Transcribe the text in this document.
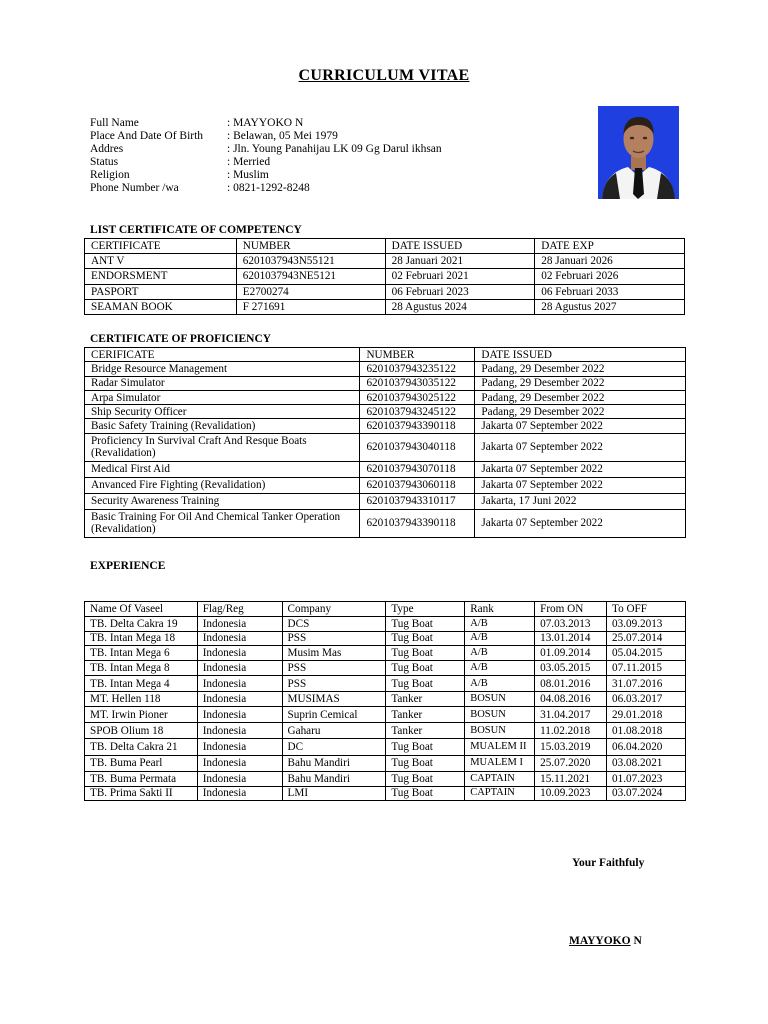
CURRICULUM VITAE
Full Name	: MAYYOKO N
Place And Date Of Birth	: Belawan, 05 Mei 1979
Addres	: Jln. Young Panahijau LK 09 Gg Darul ikhsan
Status	: Merried
Religion	: Muslim
Phone Number /wa	: 0821-1292-8248
LIST CERTIFICATE OF COMPETENCY
CERTIFICATE	NUMBER	DATE ISSUED	DATE EXP
ANT V	6201037943N55121	28 Januari 2021	28 Januari 2026
ENDORSMENT	6201037943NE5121	02 Februari 2021	02 Februari 2026
PASPORT	E2700274	06 Februari 2023	06 Februari 2033
SEAMAN BOOK	F 271691	28 Agustus 2024	28 Agustus 2027
CERTIFICATE OF PROFICIENCY
CERIFICATE	NUMBER	DATE ISSUED
Bridge Resource Management	6201037943235122	Padang, 29 Desember 2022
Radar Simulator	6201037943035122	Padang, 29 Desember 2022
Arpa Simulator	6201037943025122	Padang, 29 Desember 2022
Ship Security Officer	6201037943245122	Padang, 29 Desember 2022
Basic Safety Training (Revalidation)	6201037943390118	Jakarta 07 September 2022
Proficiency In Survival Craft And Resque Boats (Revalidation)	6201037943040118	Jakarta 07 September 2022
Medical First Aid	6201037943070118	Jakarta 07 September 2022
Anvanced Fire Fighting (Revalidation)	6201037943060118	Jakarta 07 September 2022
Security Awareness Training	6201037943310117	Jakarta, 17 Juni 2022
Basic Training For Oil And Chemical Tanker Operation (Revalidation)	6201037943390118	Jakarta 07 September 2022
EXPERIENCE
Name Of Vaseel	Flag/Reg	Company	Type	Rank	From ON	To OFF
TB. Delta Cakra 19	Indonesia	DCS	Tug Boat	A/B	07.03.2013	03.09.2013
TB. Intan Mega 18	Indonesia	PSS	Tug Boat	A/B	13.01.2014	25.07.2014
TB. Intan Mega 6	Indonesia	Musim Mas	Tug Boat	A/B	01.09.2014	05.04.2015
TB. Intan Mega 8	Indonesia	PSS	Tug Boat	A/B	03.05.2015	07.11.2015
TB. Intan Mega 4	Indonesia	PSS	Tug Boat	A/B	08.01.2016	31.07.2016
MT. Hellen 118	Indonesia	MUSIMAS	Tanker	BOSUN	04.08.2016	06.03.2017
MT. Irwin Pioner	Indonesia	Suprin Cemical	Tanker	BOSUN	31.04.2017	29.01.2018
SPOB Olium 18	Indonesia	Gaharu	Tanker	BOSUN	11.02.2018	01.08.2018
TB. Delta Cakra 21	Indonesia	DC	Tug Boat	MUALEM II	15.03.2019	06.04.2020
TB. Buma Pearl	Indonesia	Bahu Mandiri	Tug Boat	MUALEM I	25.07.2020	03.08.2021
TB. Buma Permata	Indonesia	Bahu Mandiri	Tug Boat	CAPTAIN	15.11.2021	01.07.2023
TB. Prima Sakti II	Indonesia	LMI	Tug Boat	CAPTAIN	10.09.2023	03.07.2024
Your Faithfuly
MAYYOKO N
